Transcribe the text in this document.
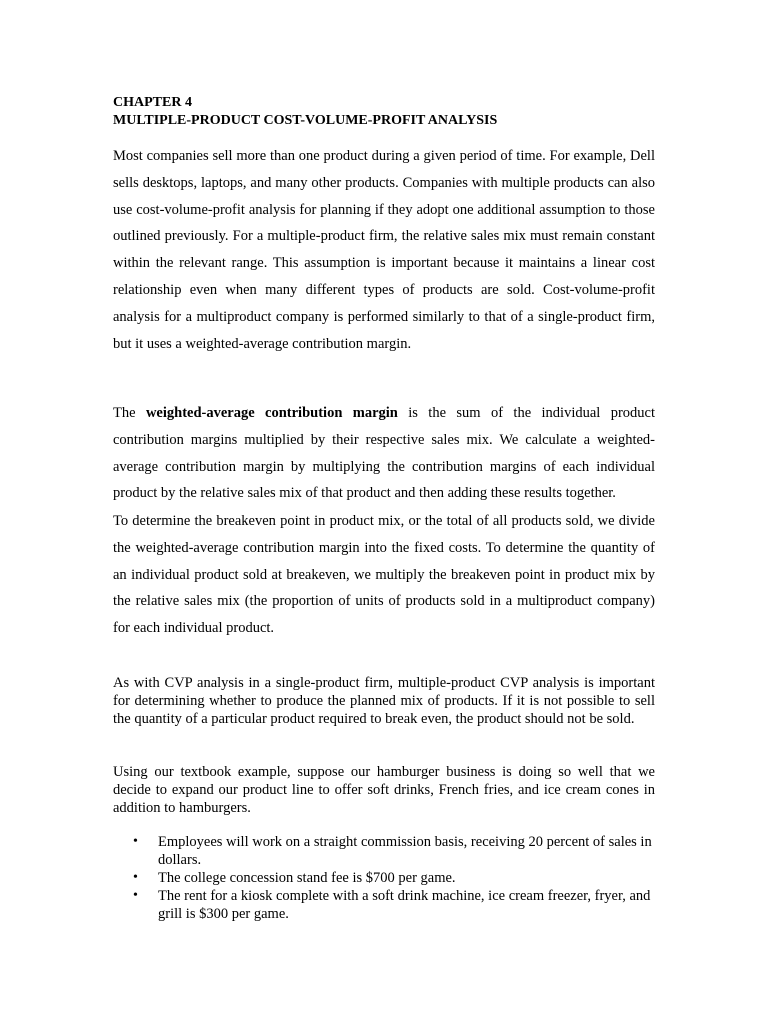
CHAPTER 4
MULTIPLE-PRODUCT COST-VOLUME-PROFIT ANALYSIS

Most companies sell more than one product during a given period of time. For example, Dell sells desktops, laptops, and many other products. Companies with multiple products can also use cost-volume-profit analysis for planning if they adopt one additional assumption to those outlined previously. For a multiple-product firm, the relative sales mix must remain constant within the relevant range. This assumption is important because it maintains a linear cost relationship even when many different types of products are sold. Cost-volume-profit analysis for a multiproduct company is performed similarly to that of a single-product firm, but it uses a weighted-average contribution margin.

The weighted-average contribution margin is the sum of the individual product contribution margins multiplied by their respective sales mix. We calculate a weighted-average contribution margin by multiplying the contribution margins of each individual product by the relative sales mix of that product and then adding these results together.

To determine the breakeven point in product mix, or the total of all products sold, we divide the weighted-average contribution margin into the fixed costs. To determine the quantity of an individual product sold at breakeven, we multiply the breakeven point in product mix by the relative sales mix (the proportion of units of products sold in a multiproduct company) for each individual product.

As with CVP analysis in a single-product firm, multiple-product CVP analysis is important for determining whether to produce the planned mix of products. If it is not possible to sell the quantity of a particular product required to break even, the product should not be sold.

Using our textbook example, suppose our hamburger business is doing so well that we decide to expand our product line to offer soft drinks, French fries, and ice cream cones in addition to hamburgers.

• Employees will work on a straight commission basis, receiving 20 percent of sales in dollars.
• The college concession stand fee is $700 per game.
• The rent for a kiosk complete with a soft drink machine, ice cream freezer, fryer, and grill is $300 per game.
